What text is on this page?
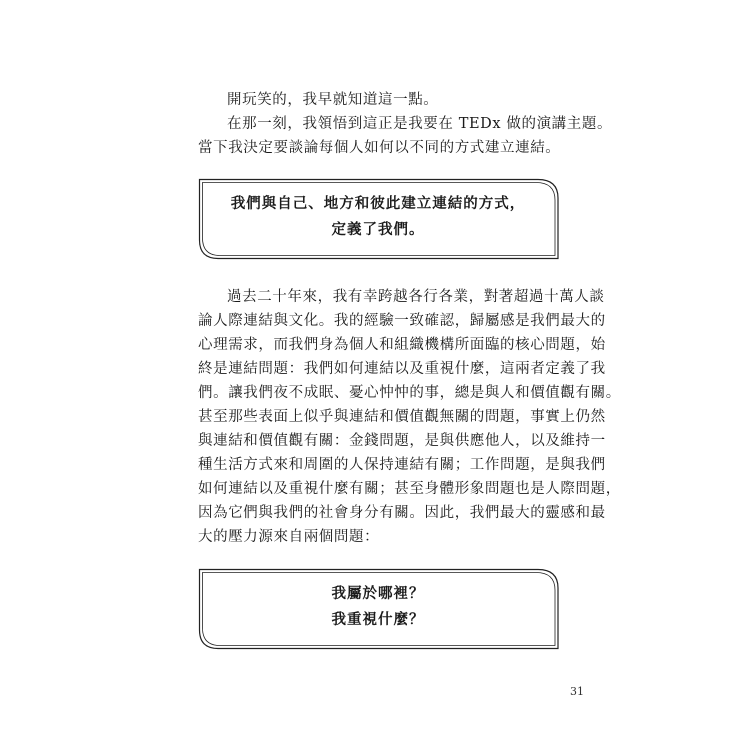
開玩笑的，我早就知道這一點。
在那一刻，我領悟到這正是我要在 TEDx 做的演講主題。
當下我決定要談論每個人如何以不同的方式建立連結。
我們與自己、地方和彼此建立連結的方式，
定義了我們。
過去二十年來，我有幸跨越各行各業，對著超過十萬人談
論人際連結與文化。我的經驗一致確認，歸屬感是我們最大的
心理需求，而我們身為個人和組織機構所面臨的核心問題，始
終是連結問題：我們如何連結以及重視什麼，這兩者定義了我
們。讓我們夜不成眠、憂心忡忡的事，總是與人和價值觀有關。
甚至那些表面上似乎與連結和價值觀無關的問題，事實上仍然
與連結和價值觀有關：金錢問題，是與供應他人，以及維持一
種生活方式來和周圍的人保持連結有關；工作問題，是與我們
如何連結以及重視什麼有關；甚至身體形象問題也是人際問題，
因為它們與我們的社會身分有關。因此，我們最大的靈感和最
大的壓力源來自兩個問題：
我屬於哪裡？
我重視什麼？
31
